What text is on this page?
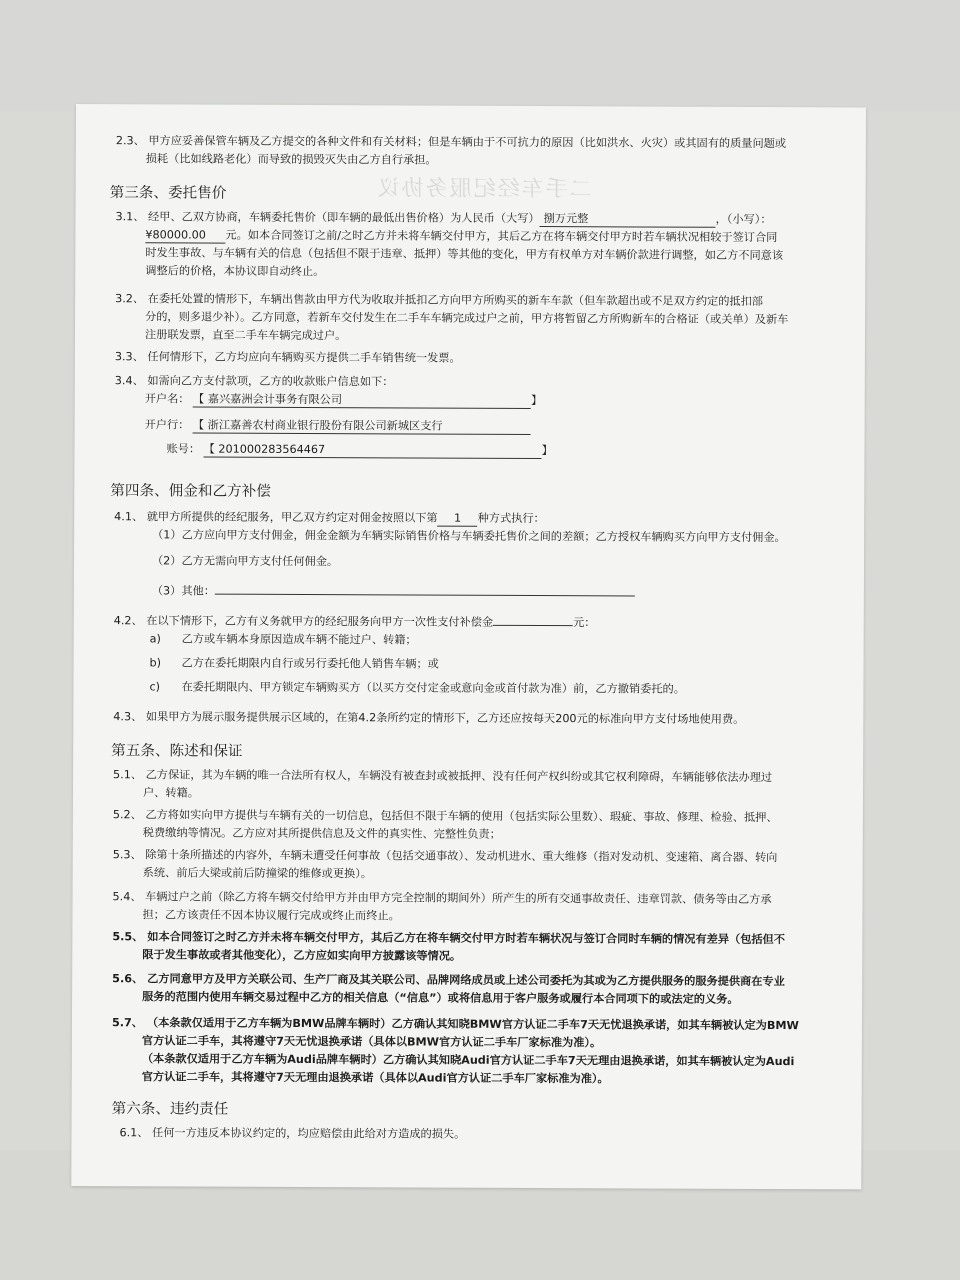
二手车经纪服务协议
2.3、 甲方应妥善保管车辆及乙方提交的各种文件和有关材料；但是车辆由于不可抗力的原因（比如洪水、火灾）或其固有的质量问题或
损耗（比如线路老化）而导致的损毁灭失由乙方自行承担。
第三条、委托售价
3.1、 经甲、乙双方协商，车辆委托售价（即车辆的最低出售价格）为人民币（大写） 捌万元整	，（小写）：
¥80000.00 元。如本合同签订之前/之时乙方并未将车辆交付甲方，其后乙方在将车辆交付甲方时若车辆状况相较于签订合同
时发生事故、与车辆有关的信息（包括但不限于违章、抵押）等其他的变化，甲方有权单方对车辆价款进行调整，如乙方不同意该
调整后的价格，本协议即自动终止。
3.2、 在委托处置的情形下，车辆出售款由甲方代为收取并抵扣乙方向甲方所购买的新车车款（但车款超出或不足双方约定的抵扣部
分的，则多退少补）。乙方同意，若新车交付发生在二手车车辆完成过户之前，甲方将暂留乙方所购新车的合格证（或关单）及新车
注册联发票，直至二手车车辆完成过户。
3.3、 任何情形下，乙方均应向车辆购买方提供二手车销售统一发票。
3.4、 如需向乙方支付款项，乙方的收款账户信息如下：
开户名： 【 嘉兴嘉洲会计事务有限公司	】
开户行： 【 浙江嘉善农村商业银行股份有限公司新城区支行
账号： 【 201000283564467	】
第四条、佣金和乙方补偿
4.1、 就甲方所提供的经纪服务，甲乙双方约定对佣金按照以下第 1 种方式执行：
（1）乙方应向甲方支付佣金，佣金金额为车辆实际销售价格与车辆委托售价之间的差额；乙方授权车辆购买方向甲方支付佣金。
（2）乙方无需向甲方支付任何佣金。
（3）其他：
4.2、 在以下情形下，乙方有义务就甲方的经纪服务向甲方一次性支付补偿金	元：
a) 乙方或车辆本身原因造成车辆不能过户、转籍；
b) 乙方在委托期限内自行或另行委托他人销售车辆；或
c) 在委托期限内、甲方锁定车辆购买方（以买方交付定金或意向金或首付款为准）前，乙方撤销委托的。
4.3、 如果甲方为展示服务提供展示区域的，在第4.2条所约定的情形下，乙方还应按每天200元的标准向甲方支付场地使用费。
第五条、陈述和保证
5.1、 乙方保证，其为车辆的唯一合法所有权人，车辆没有被查封或被抵押、没有任何产权纠纷或其它权利障碍，车辆能够依法办理过
户、转籍。
5.2、 乙方将如实向甲方提供与车辆有关的一切信息，包括但不限于车辆的使用（包括实际公里数）、瑕疵、事故、修理、检验、抵押、
税费缴纳等情况。乙方应对其所提供信息及文件的真实性、完整性负责；
5.3、 除第十条所描述的内容外，车辆未遭受任何事故（包括交通事故）、发动机进水、重大维修（指对发动机、变速箱、离合器、转向
系统、前后大梁或前后防撞梁的维修或更换）。
5.4、 车辆过户之前（除乙方将车辆交付给甲方并由甲方完全控制的期间外）所产生的所有交通事故责任、违章罚款、债务等由乙方承
担；乙方该责任不因本协议履行完成或终止而终止。
5.5、 如本合同签订之时乙方并未将车辆交付甲方，其后乙方在将车辆交付甲方时若车辆状况与签订合同时车辆的情况有差异（包括但不
限于发生事故或者其他变化），乙方应如实向甲方披露该等情况。
5.6、 乙方同意甲方及甲方关联公司、生产厂商及其关联公司、品牌网络成员或上述公司委托为其或为乙方提供服务的服务提供商在专业
服务的范围内使用车辆交易过程中乙方的相关信息（“信息”）或将信息用于客户服务或履行本合同项下的或法定的义务。
5.7、 （本条款仅适用于乙方车辆为BMW品牌车辆时）乙方确认其知晓BMW官方认证二手车7天无忧退换承诺，如其车辆被认定为BMW
官方认证二手车，其将遵守7天无忧退换承诺（具体以BMW官方认证二手车厂家标准为准）。
（本条款仅适用于乙方车辆为Audi品牌车辆时）乙方确认其知晓Audi官方认证二手车7天无理由退换承诺，如其车辆被认定为Audi
官方认证二手车，其将遵守7天无理由退换承诺（具体以Audi官方认证二手车厂家标准为准）。
第六条、违约责任
6.1、 任何一方违反本协议约定的，均应赔偿由此给对方造成的损失。
